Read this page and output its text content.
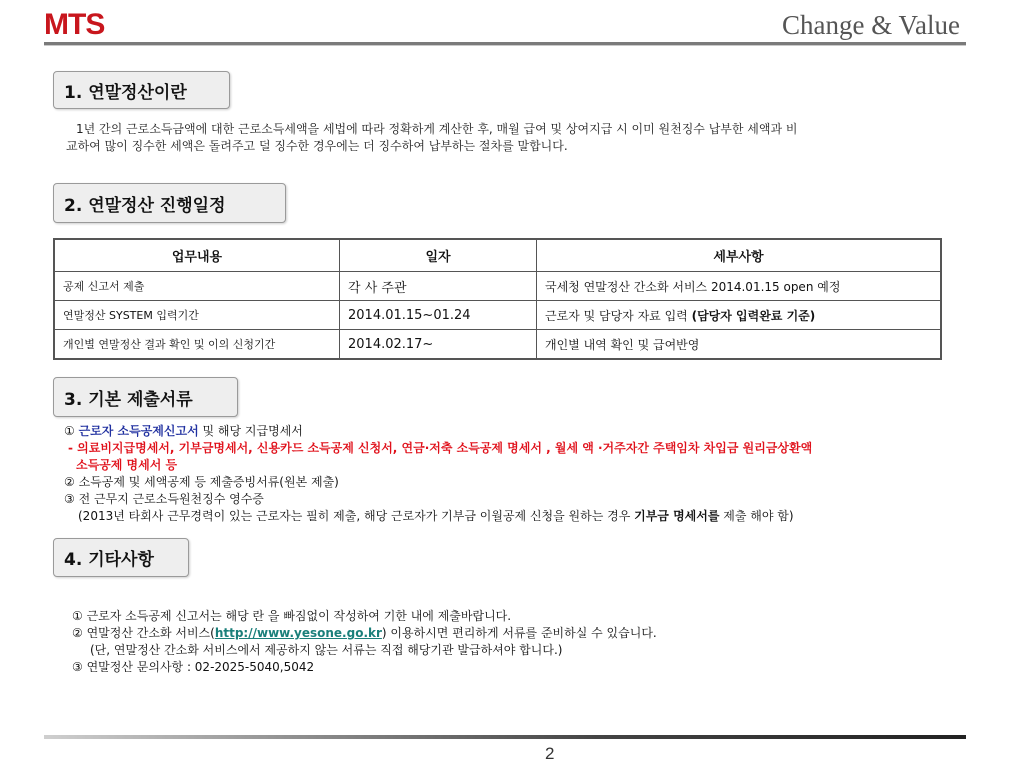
MTS	Change & Value
1. 연말정산이란
1년 간의 근로소득금액에 대한 근로소득세액을 세법에 따라 정확하게 계산한 후, 매월 급여 및 상여지급 시 이미 원천징수 납부한 세액과 비교하여 많이 징수한 세액은 돌려주고 덜 징수한 경우에는 더 징수하여 납부하는 절차를 말합니다.
2. 연말정산 진행일정
업무내용	일자	세부사항
공제 신고서 제출	각 사 주관	국세청 연말정산 간소화 서비스 2014.01.15 open 예정
연말정산 SYSTEM 입력기간	2014.01.15~01.24	근로자 및 담당자 자료 입력 (담당자 입력완료 기준)
개인별 연말정산 결과 확인 및 이의 신청기간	2014.02.17~	개인별 내역 확인 및 급여반영
3. 기본 제출서류
① 근로자 소득공제신고서 및 해당 지급명세서
- 의료비지급명세서, 기부금명세서, 신용카드 소득공제 신청서, 연금·저축 소득공제 명세서 , 월세 액 ·거주자간 주택임차 차입금 원리금상환액
소득공제 명세서 등
② 소득공제 및 세액공제 등 제출증빙서류(원본 제출)
③ 전 근무지 근로소득원천징수 영수증
(2013년 타회사 근무경력이 있는 근로자는 필히 제출, 해당 근로자가 기부금 이월공제 신청을 원하는 경우 기부금 명세서를 제출 해야 함)
4. 기타사항
① 근로자 소득공제 신고서는 해당 란 을 빠짐없이 작성하여 기한 내에 제출바랍니다.
② 연말정산 간소화 서비스(http://www.yesone.go.kr) 이용하시면 편리하게 서류를 준비하실 수 있습니다.
(단, 연말정산 간소화 서비스에서 제공하지 않는 서류는 직접 해당기관 발급하셔야 합니다.)
③ 연말정산 문의사항 : 02-2025-5040,5042
2
